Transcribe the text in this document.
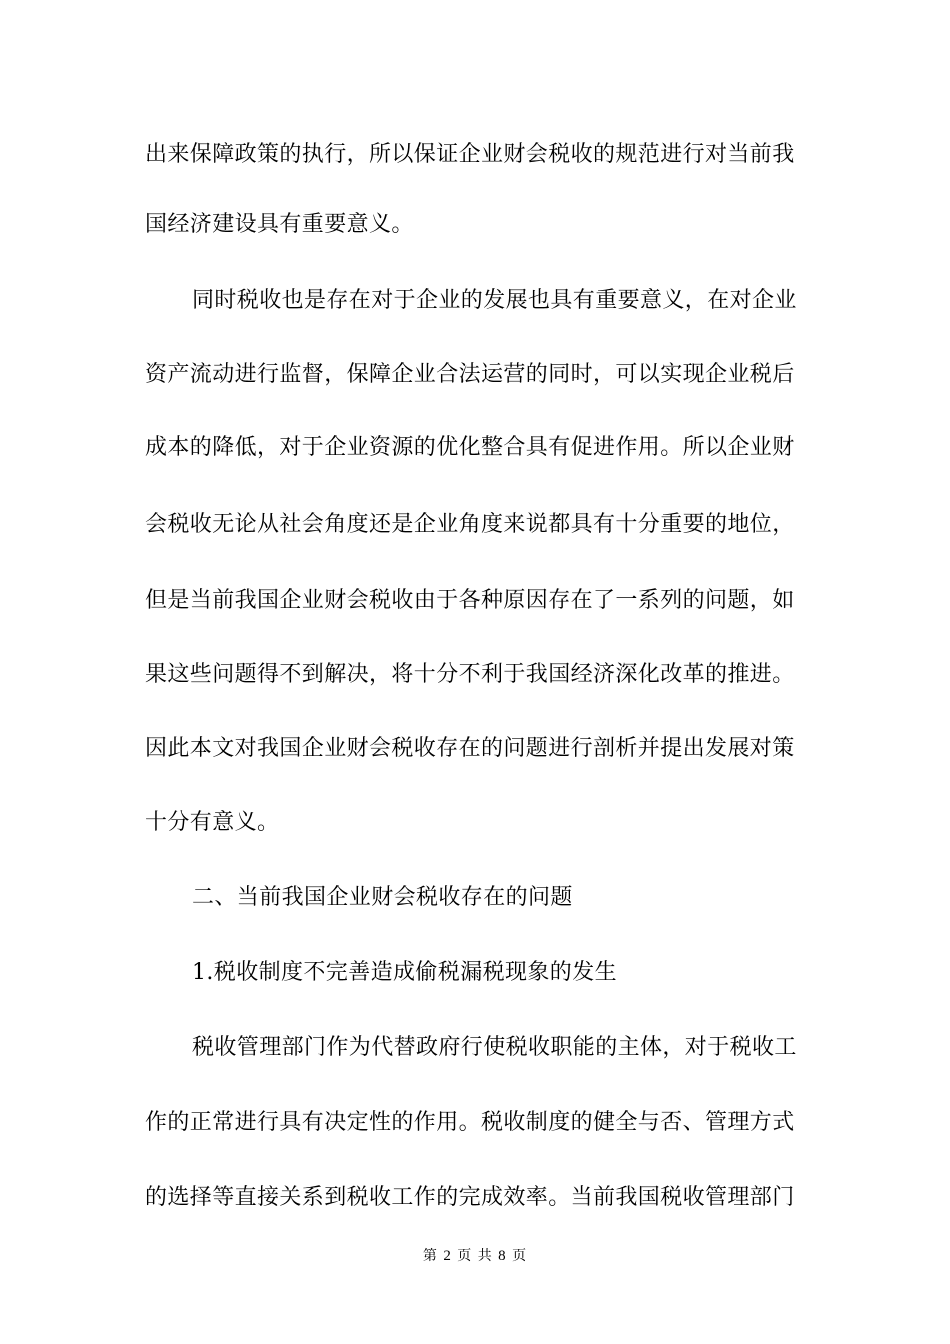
出来保障政策的执行，所以保证企业财会税收的规范进行对当前我
国经济建设具有重要意义。
同时税收也是存在对于企业的发展也具有重要意义，在对企业
资产流动进行监督，保障企业合法运营的同时，可以实现企业税后
成本的降低，对于企业资源的优化整合具有促进作用。所以企业财
会税收无论从社会角度还是企业角度来说都具有十分重要的地位，
但是当前我国企业财会税收由于各种原因存在了一系列的问题，如
果这些问题得不到解决，将十分不利于我国经济深化改革的推进。
因此本文对我国企业财会税收存在的问题进行剖析并提出发展对策
十分有意义。
二、当前我国企业财会税收存在的问题
1.税收制度不完善造成偷税漏税现象的发生
税收管理部门作为代替政府行使税收职能的主体，对于税收工
作的正常进行具有决定性的作用。税收制度的健全与否、管理方式
的选择等直接关系到税收工作的完成效率。当前我国税收管理部门
第 2 页 共 8 页
